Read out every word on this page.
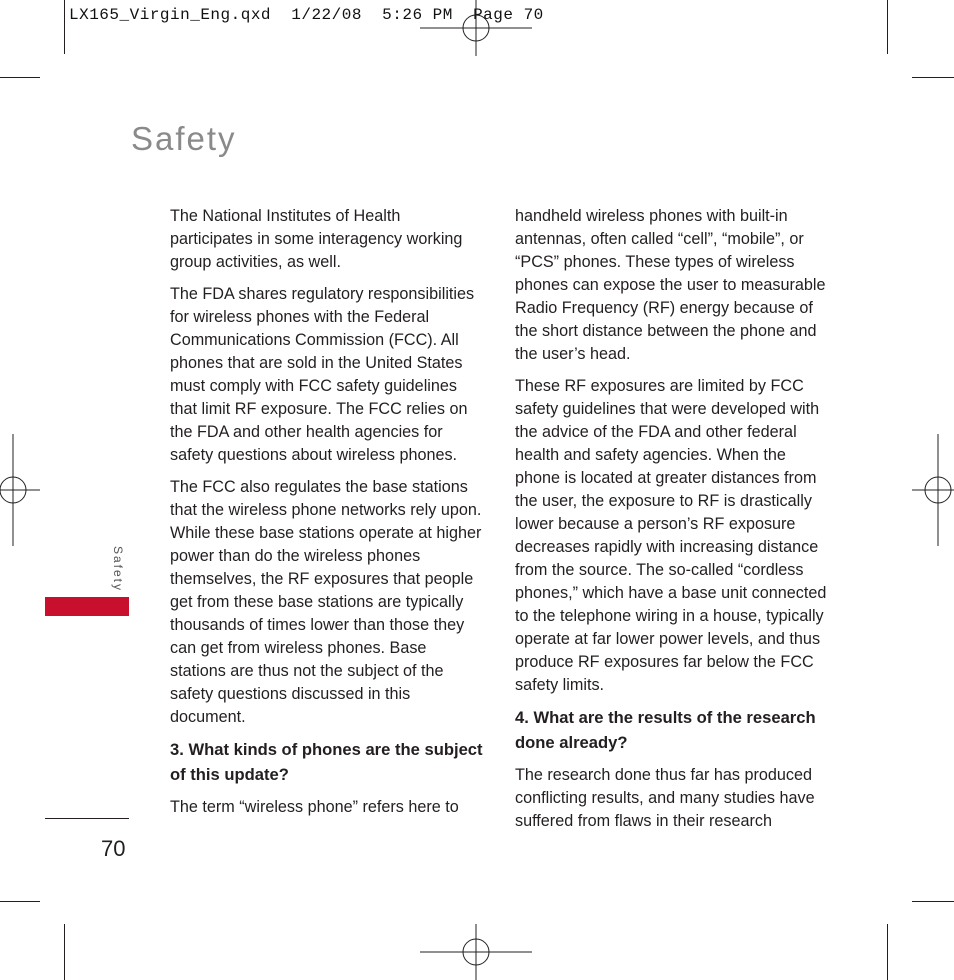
LX165_Virgin_Eng.qxd  1/22/08  5:26 PM  Page 70
Safety
Safety

The National Institutes of Health participates in some interagency working group activities, as well.

The FDA shares regulatory responsibilities for wireless phones with the Federal Communications Commission (FCC). All phones that are sold in the United States must comply with FCC safety guidelines that limit RF exposure. The FCC relies on the FDA and other health agencies for safety questions about wireless phones.

The FCC also regulates the base stations that the wireless phone networks rely upon. While these base stations operate at higher power than do the wireless phones themselves, the RF exposures that people get from these base stations are typically thousands of times lower than those they can get from wireless phones. Base stations are thus not the subject of the safety questions discussed in this document.

3. What kinds of phones are the subject of this update?

The term “wireless phone” refers here to

handheld wireless phones with built-in antennas, often called “cell”, “mobile”, or “PCS” phones. These types of wireless phones can expose the user to measurable Radio Frequency (RF) energy because of the short distance between the phone and the user’s head.

These RF exposures are limited by FCC safety guidelines that were developed with the advice of the FDA and other federal health and safety agencies. When the phone is located at greater distances from the user, the exposure to RF is drastically lower because a person’s RF exposure decreases rapidly with increasing distance from the source. The so-called “cordless phones,” which have a base unit connected to the telephone wiring in a house, typically operate at far lower power levels, and thus produce RF exposures far below the FCC safety limits.

4. What are the results of the research done already?

The research done thus far has produced conflicting results, and many studies have suffered from flaws in their research

70
